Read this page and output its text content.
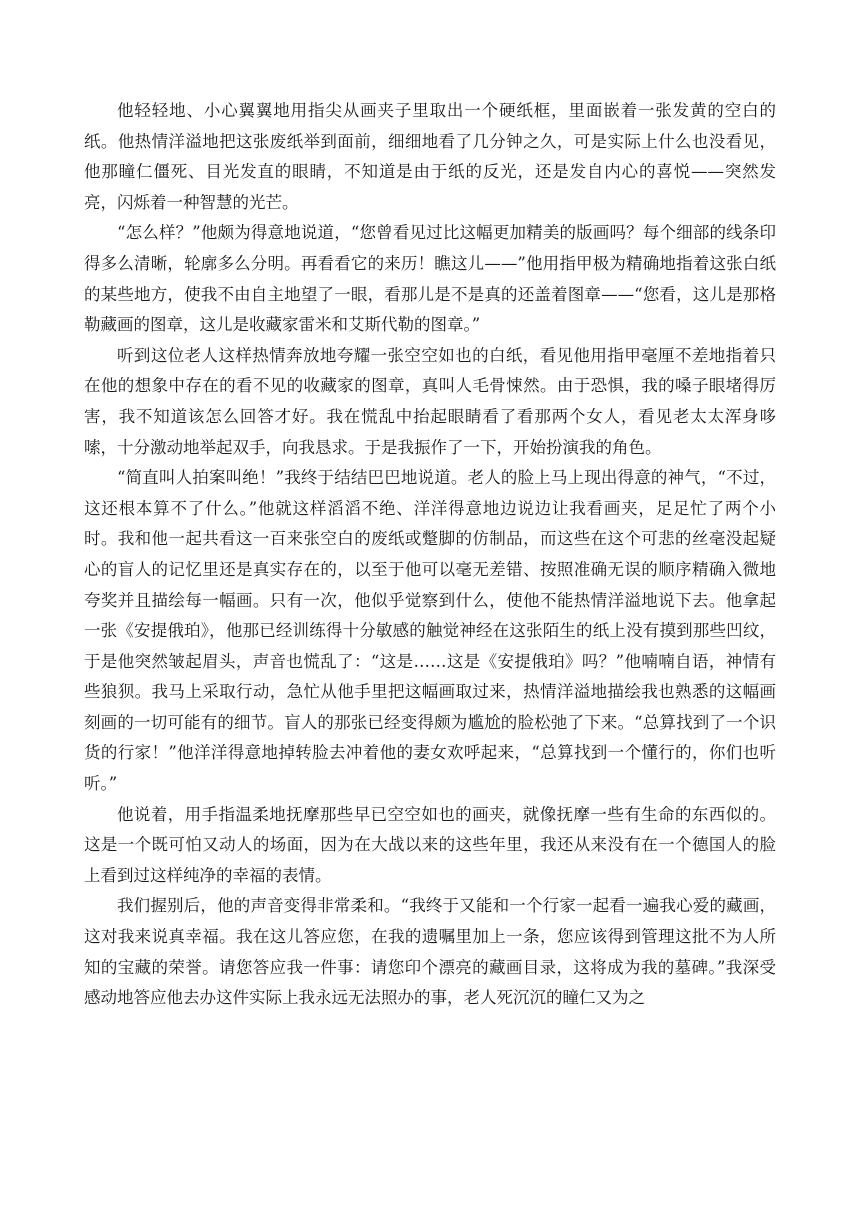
他轻轻地、小心翼翼地用指尖从画夹子里取出一个硬纸框，里面嵌着一张发黄的空白的纸。他热情洋溢地把这张废纸举到面前，细细地看了几分钟之久，可是实际上什么也没看见，他那瞳仁僵死、目光发直的眼睛，不知道是由于纸的反光，还是发自内心的喜悦——突然发亮，闪烁着一种智慧的光芒。

“怎么样？”他颇为得意地说道，“您曾看见过比这幅更加精美的版画吗？每个细部的线条印得多么清晰，轮廓多么分明。再看看它的来历！瞧这儿——”他用指甲极为精确地指着这张白纸的某些地方，使我不由自主地望了一眼，看那儿是不是真的还盖着图章——“您看，这儿是那格勒藏画的图章，这儿是收藏家雷米和艾斯代勒的图章。”

听到这位老人这样热情奔放地夸耀一张空空如也的白纸，看见他用指甲毫厘不差地指着只在他的想象中存在的看不见的收藏家的图章，真叫人毛骨悚然。由于恐惧，我的嗓子眼堵得厉害，我不知道该怎么回答才好。我在慌乱中抬起眼睛看了看那两个女人，看见老太太浑身哆嗦，十分激动地举起双手，向我恳求。于是我振作了一下，开始扮演我的角色。

“简直叫人拍案叫绝！”我终于结结巴巴地说道。老人的脸上马上现出得意的神气，“不过，这还根本算不了什么。”他就这样滔滔不绝、洋洋得意地边说边让我看画夹，足足忙了两个小时。我和他一起共看这一百来张空白的废纸或蹩脚的仿制品，而这些在这个可悲的丝毫没起疑心的盲人的记忆里还是真实存在的，以至于他可以毫无差错、按照准确无误的顺序精确入微地夸奖并且描绘每一幅画。只有一次，他似乎觉察到什么，使他不能热情洋溢地说下去。他拿起一张《安提俄珀》，他那已经训练得十分敏感的触觉神经在这张陌生的纸上没有摸到那些凹纹，于是他突然皱起眉头，声音也慌乱了：“这是……这是《安提俄珀》吗？”他喃喃自语，神情有些狼狈。我马上采取行动，急忙从他手里把这幅画取过来，热情洋溢地描绘我也熟悉的这幅画刻画的一切可能有的细节。盲人的那张已经变得颇为尴尬的脸松弛了下来。“总算找到了一个识货的行家！”他洋洋得意地掉转脸去冲着他的妻女欢呼起来，“总算找到一个懂行的，你们也听听。”

他说着，用手指温柔地抚摩那些早已空空如也的画夹，就像抚摩一些有生命的东西似的。这是一个既可怕又动人的场面，因为在大战以来的这些年里，我还从来没有在一个德国人的脸上看到过这样纯净的幸福的表情。

我们握别后，他的声音变得非常柔和。“我终于又能和一个行家一起看一遍我心爱的藏画，这对我来说真幸福。我在这儿答应您，在我的遗嘱里加上一条，您应该得到管理这批不为人所知的宝藏的荣誉。请您答应我一件事：请您印个漂亮的藏画目录，这将成为我的墓碑。”我深受感动地答应他去办这件实际上我永远无法照办的事，老人死沉沉的瞳仁又为之
